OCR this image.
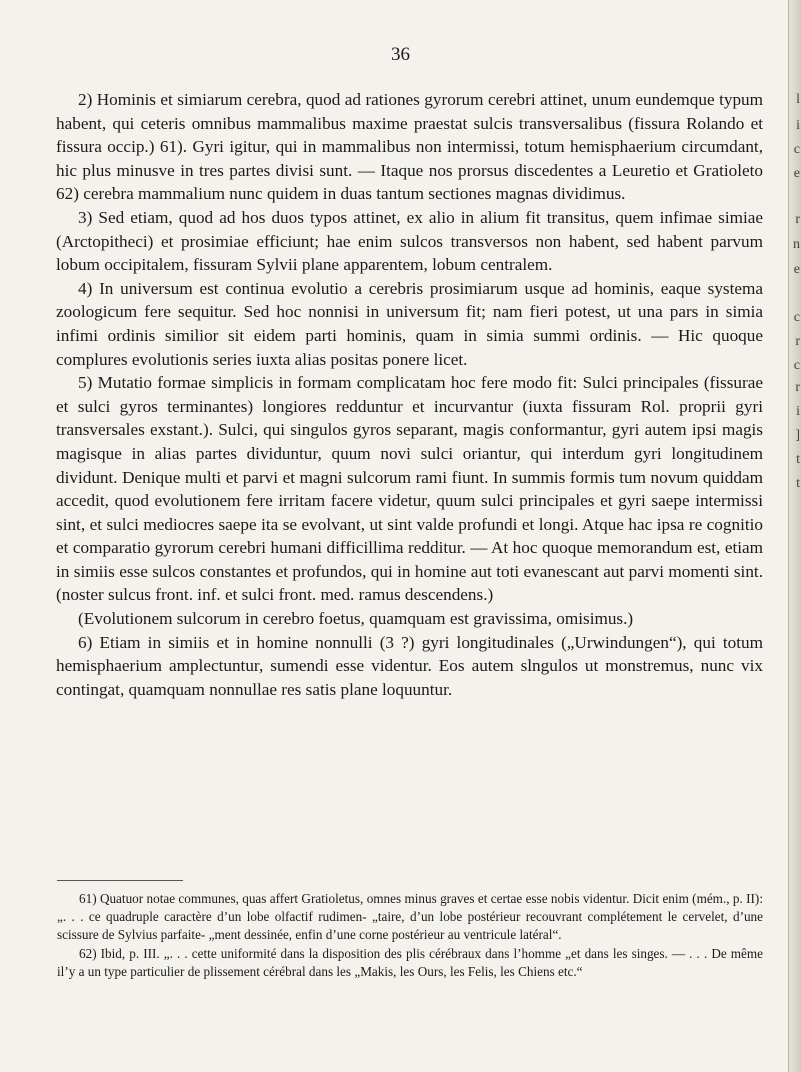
36

2) Hominis et simiarum cerebra, quod ad rationes gyrorum cerebri attinet, unum eundemque typum habent, qui ceteris omnibus mammalibus maxime praestat sulcis transversalibus (fissura Rolando et fissura occip.) 61). Gyri igitur, qui in mammalibus non intermissi, totum hemisphaerium circumdant, hic plus minusve in tres partes divisi sunt. — Itaque nos prorsus discedentes a Leuretio et Gratioleto 62) cerebra mammalium nunc quidem in duas tantum sectiones magnas dividimus.

3) Sed etiam, quod ad hos duos typos attinet, ex alio in alium fit transitus, quem infimae simiae (Arctopitheci) et prosimiae efficiunt; hae enim sulcos transversos non habent, sed habent parvum lobum occipitalem, fissuram Sylvii plane apparentem, lobum centralem.

4) In universum est continua evolutio a cerebris prosimiarum usque ad hominis, eaque systema zoologicum fere sequitur. Sed hoc nonnisi in universum fit; nam fieri potest, ut una pars in simia infimi ordinis similior sit eidem parti hominis, quam in simia summi ordinis. — Hic quoque complures evolutionis series iuxta alias positas ponere licet.

5) Mutatio formae simplicis in formam complicatam hoc fere modo fit: Sulci principales (fissurae et sulci gyros terminantes) longiores redduntur et incurvantur (iuxta fissuram Rol. proprii gyri transversales exstant.). Sulci, qui singulos gyros separant, magis conformantur, gyri autem ipsi magis magisque in alias partes dividuntur, quum novi sulci oriantur, qui interdum gyri longitudinem dividunt. Denique multi et parvi et magni sulcorum rami fiunt. In summis formis tum novum quiddam accedit, quod evolutionem fere irritam facere videtur, quum sulci principales et gyri saepe intermissi sint, et sulci mediocres saepe ita se evolvant, ut sint valde profundi et longi. Atque hac ipsa re cognitio et comparatio gyrorum cerebri humani difficillima redditur. — At hoc quoque memorandum est, etiam in simiis esse sulcos constantes et profundos, qui in homine aut toti evanescant aut parvi momenti sint. (noster sulcus front. inf. et sulci front. med. ramus descendens.)

(Evolutionem sulcorum in cerebro foetus, quamquam est gravissima, omisimus.)

6) Etiam in simiis et in homine nonnulli (3 ?) gyri longitudinales („Urwindungen“), qui totum hemisphaerium amplectuntur, sumendi esse videntur. Eos autem slngulos ut monstremus, nunc vix contingat, quamquam nonnullae res satis plane loquuntur.

61) Quatuor notae communes, quas affert Gratioletus, omnes minus graves et certae esse nobis videntur. Dicit enim (mém., p. II): „. . . ce quadruple caractère d’un lobe olfactif rudimen- „taire, d’un lobe postérieur recouvrant complétement le cervelet, d’une scissure de Sylvius parfaite- „ment dessinée, enfin d’une corne postérieur au ventricule latéral“.

62) Ibid, p. III. „. . . cette uniformité dans la disposition des plis cérébraux dans l’homme „et dans les singes. — . . . De même il’y a un type particulier de plissement cérébral dans les „Makis, les Ours, les Felis, les Chiens etc.“

l
i
c
e
r
n
e
c
r
c
r
i
]
t
t
